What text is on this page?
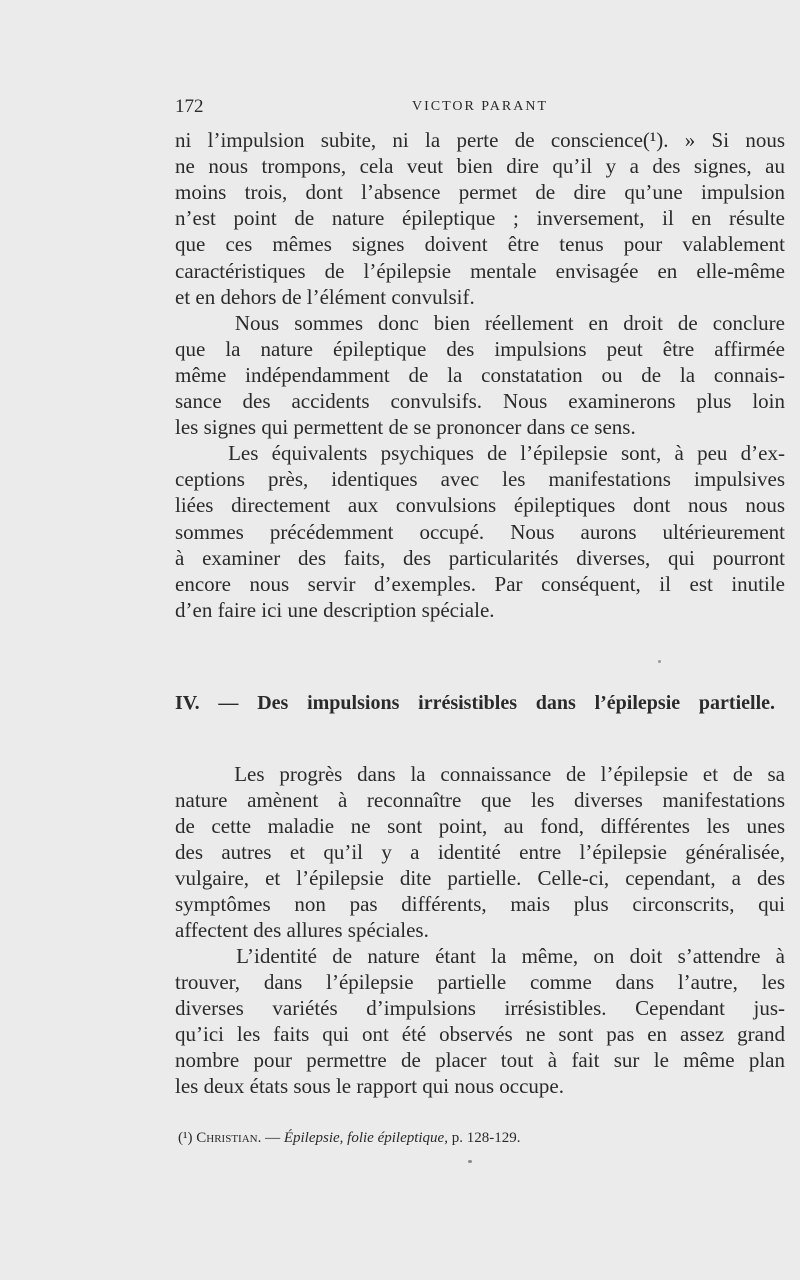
172	VICTOR PARANT
ni l’impulsion subite, ni la perte de conscience(¹). » Si nous
ne nous trompons, cela veut bien dire qu’il y a des signes, au
moins trois, dont l’absence permet de dire qu’une impulsion
n’est point de nature épileptique ; inversement, il en résulte
que ces mêmes signes doivent être tenus pour valablement
caractéristiques de l’épilepsie mentale envisagée en elle-même
et en dehors de l’élément convulsif.
Nous sommes donc bien réellement en droit de conclure
que la nature épileptique des impulsions peut être affirmée
même indépendamment de la constatation ou de la connais-
sance des accidents convulsifs. Nous examinerons plus loin
les signes qui permettent de se prononcer dans ce sens.
Les équivalents psychiques de l’épilepsie sont, à peu d’ex-
ceptions près, identiques avec les manifestations impulsives
liées directement aux convulsions épileptiques dont nous nous
sommes précédemment occupé. Nous aurons ultérieurement
à examiner des faits, des particularités diverses, qui pourront
encore nous servir d’exemples. Par conséquent, il est inutile
d’en faire ici une description spéciale.
IV. — Des impulsions irrésistibles dans l’épilepsie partielle.
Les progrès dans la connaissance de l’épilepsie et de sa
nature amènent à reconnaître que les diverses manifestations
de cette maladie ne sont point, au fond, différentes les unes
des autres et qu’il y a identité entre l’épilepsie généralisée,
vulgaire, et l’épilepsie dite partielle. Celle-ci, cependant, a des
symptômes non pas différents, mais plus circonscrits, qui
affectent des allures spéciales.
L’identité de nature étant la même, on doit s’attendre à
trouver, dans l’épilepsie partielle comme dans l’autre, les
diverses variétés d’impulsions irrésistibles. Cependant jus-
qu’ici les faits qui ont été observés ne sont pas en assez grand
nombre pour permettre de placer tout à fait sur le même plan
les deux états sous le rapport qui nous occupe.
(¹) Christian. — Épilepsie, folie épileptique, p. 128-129.
